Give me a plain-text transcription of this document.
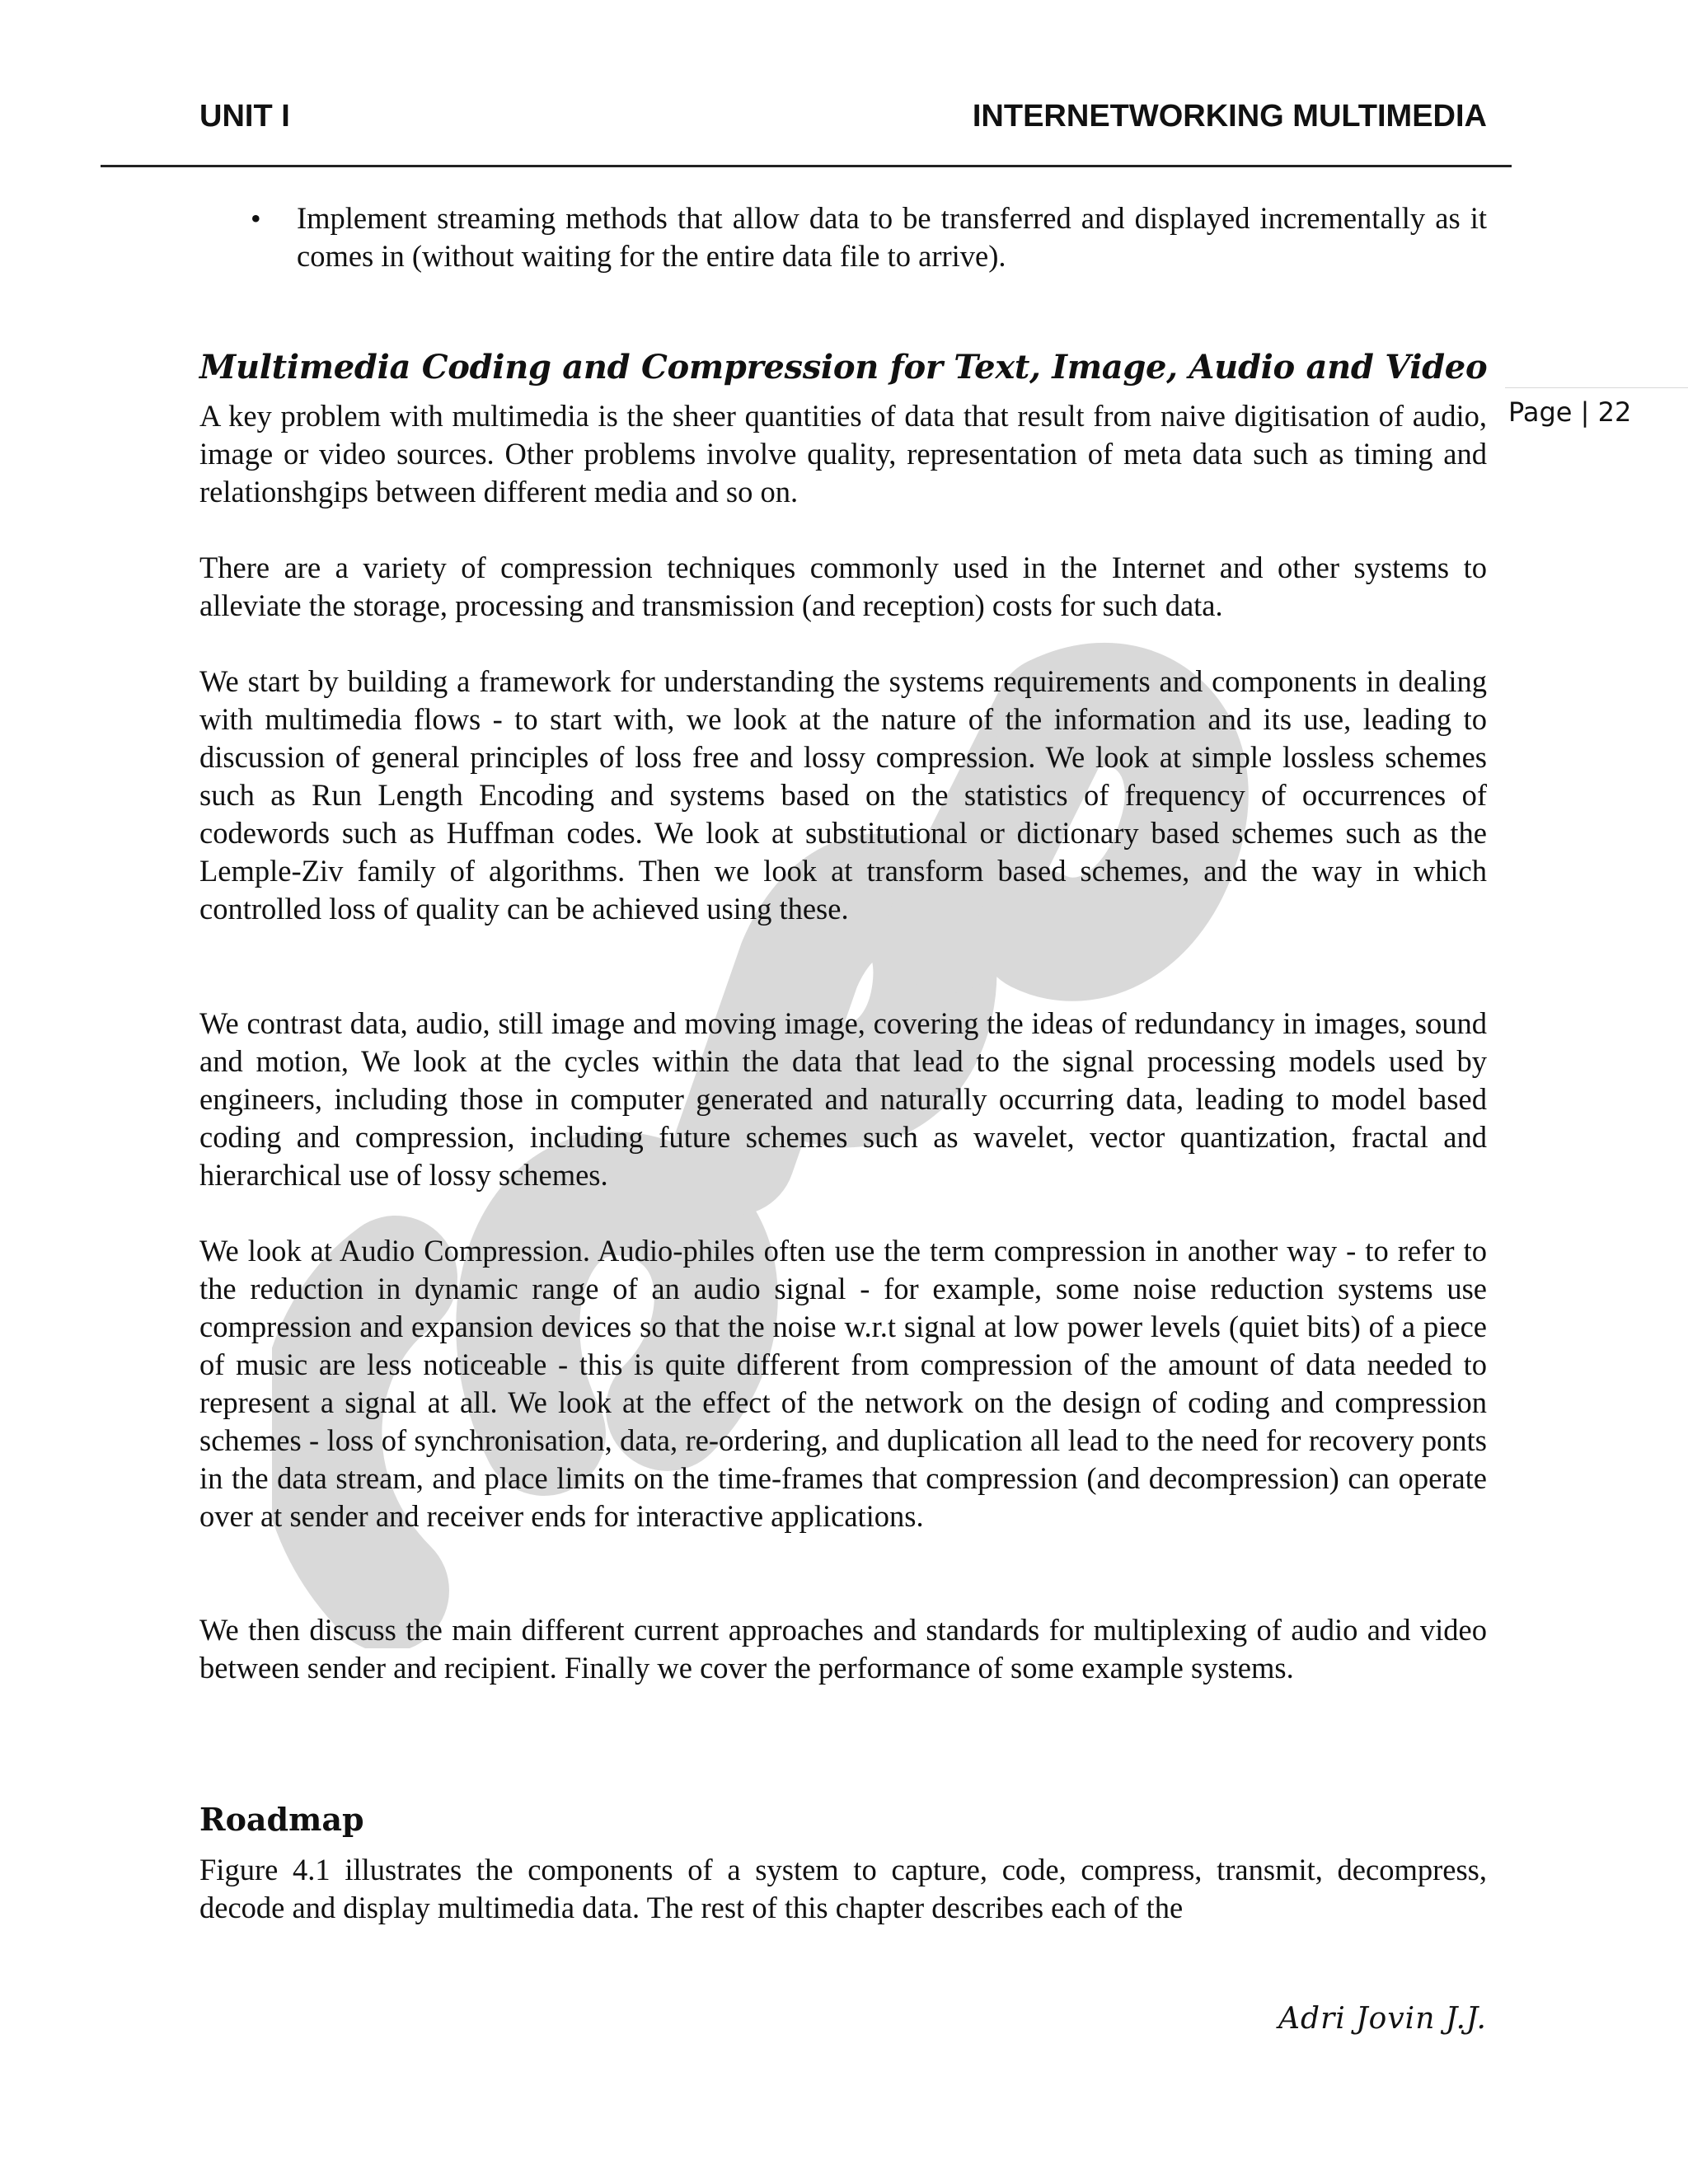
UNIT I	INTERNETWORKING MULTIMEDIA
Page | 22
• Implement streaming methods that allow data to be transferred and displayed incrementally as it comes in (without waiting for the entire data file to arrive).
Multimedia Coding and Compression for Text, Image, Audio and Video
A key problem with multimedia is the sheer quantities of data that result from naive digitisation of audio, image or video sources. Other problems involve quality, representation of meta data such as timing and relationshgips between different media and so on.
There are a variety of compression techniques commonly used in the Internet and other systems to alleviate the storage, processing and transmission (and reception) costs for such data.
We start by building a framework for understanding the systems requirements and components in dealing with multimedia flows - to start with, we look at the nature of the information and its use, leading to discussion of general principles of loss free and lossy compression. We look at simple lossless schemes such as Run Length Encoding and systems based on the statistics of frequency of occurrences of codewords such as Huffman codes. We look at substitutional or dictionary based schemes such as the Lemple-Ziv family of algorithms. Then we look at transform based schemes, and the way in which controlled loss of quality can be achieved using these.
We contrast data, audio, still image and moving image, covering the ideas of redundancy in images, sound and motion, We look at the cycles within the data that lead to the signal processing models used by engineers, including those in computer generated and naturally occurring data, leading to model based coding and compression, including future schemes such as wavelet, vector quantization, fractal and hierarchical use of lossy schemes.
We look at Audio Compression. Audio-philes often use the term compression in another way - to refer to the reduction in dynamic range of an audio signal - for example, some noise reduction systems use compression and expansion devices so that the noise w.r.t signal at low power levels (quiet bits) of a piece of music are less noticeable - this is quite different from compression of the amount of data needed to represent a signal at all. We look at the effect of the network on the design of coding and compression schemes - loss of synchronisation, data, re-ordering, and duplication all lead to the need for recovery ponts in the data stream, and place limits on the time-frames that compression (and decompression) can operate over at sender and receiver ends for interactive applications.
We then discuss the main different current approaches and standards for multiplexing of audio and video between sender and recipient. Finally we cover the performance of some example systems.
Roadmap
Figure 4.1 illustrates the components of a system to capture, code, compress, transmit, decompress, decode and display multimedia data. The rest of this chapter describes each of the
Adri Jovin J.J.
